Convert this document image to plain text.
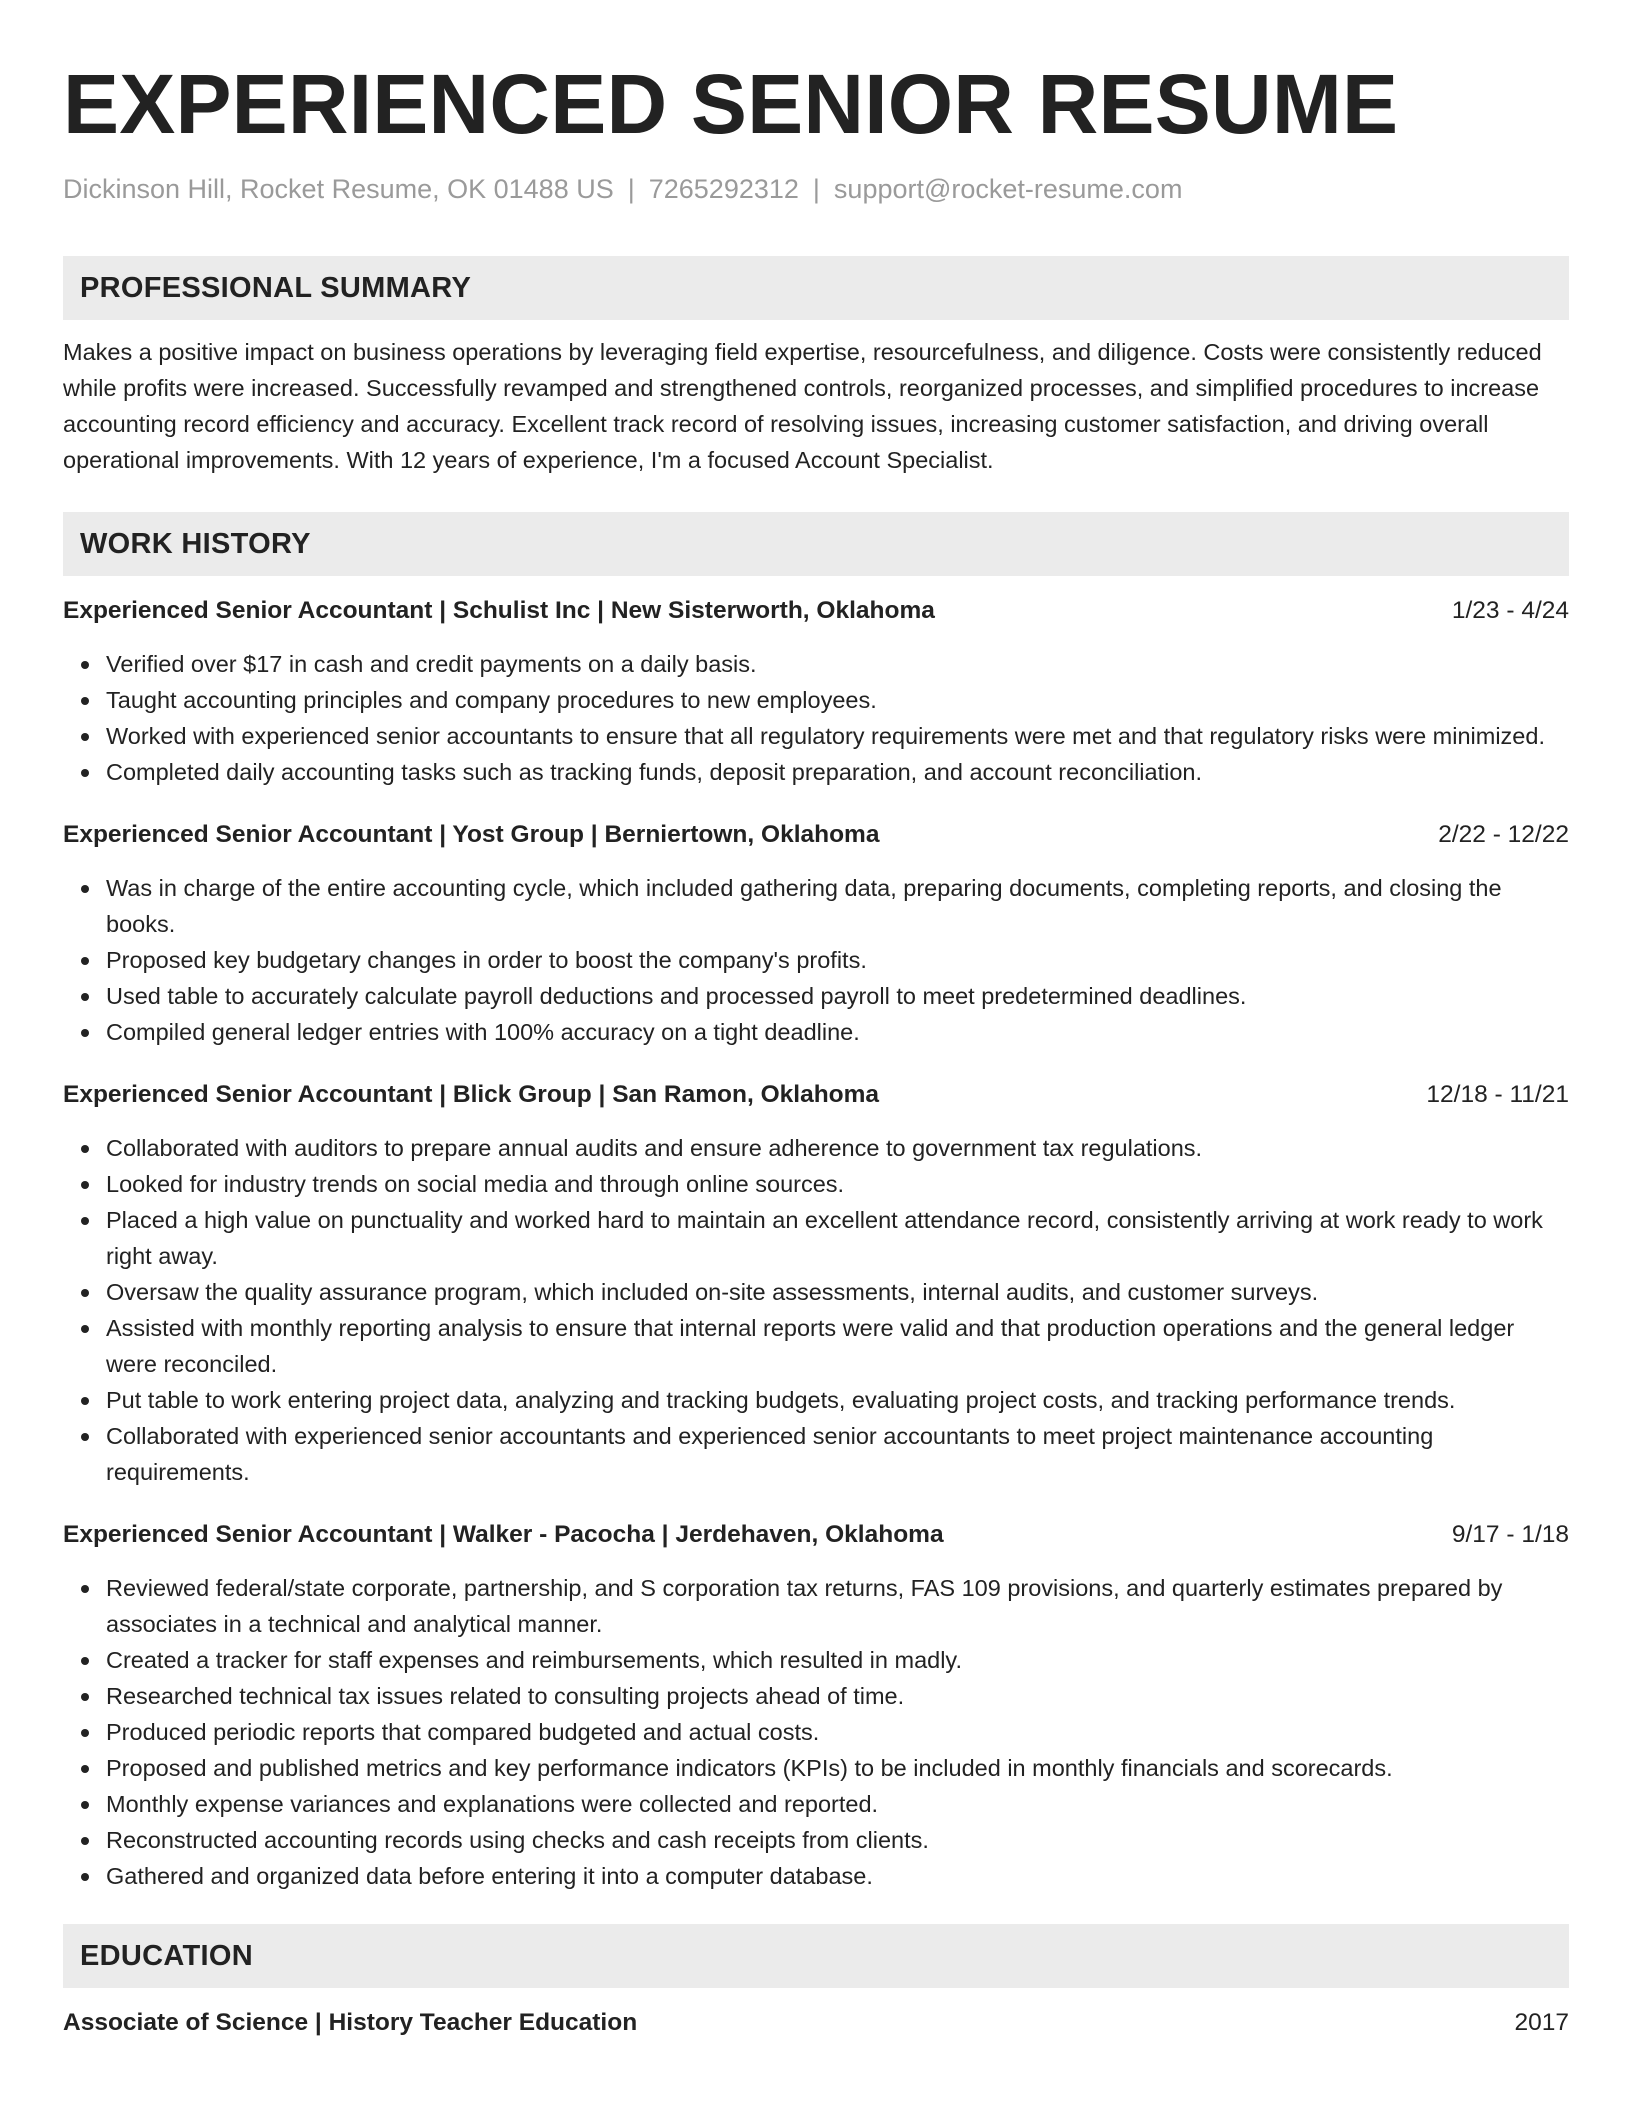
EXPERIENCED SENIOR RESUME
Dickinson Hill, Rocket Resume, OK 01488 US | 7265292312 | support@rocket-resume.com
PROFESSIONAL SUMMARY

Makes a positive impact on business operations by leveraging field expertise, resourcefulness, and diligence. Costs were consistently reduced while profits were increased. Successfully revamped and strengthened controls, reorganized processes, and simplified procedures to increase accounting record efficiency and accuracy. Excellent track record of resolving issues, increasing customer satisfaction, and driving overall operational improvements. With 12 years of experience, I'm a focused Account Specialist.

WORK HISTORY
Experienced Senior Accountant | Schulist Inc | New Sisterworth, Oklahoma	1/23 - 4/24
Verified over $17 in cash and credit payments on a daily basis.
Taught accounting principles and company procedures to new employees.
Worked with experienced senior accountants to ensure that all regulatory requirements were met and that regulatory risks were minimized.
Completed daily accounting tasks such as tracking funds, deposit preparation, and account reconciliation.
Experienced Senior Accountant | Yost Group | Berniertown, Oklahoma	2/22 - 12/22
Was in charge of the entire accounting cycle, which included gathering data, preparing documents, completing reports, and closing the books.
Proposed key budgetary changes in order to boost the company's profits.
Used table to accurately calculate payroll deductions and processed payroll to meet predetermined deadlines.
Compiled general ledger entries with 100% accuracy on a tight deadline.
Experienced Senior Accountant | Blick Group | San Ramon, Oklahoma	12/18 - 11/21
Collaborated with auditors to prepare annual audits and ensure adherence to government tax regulations.
Looked for industry trends on social media and through online sources.
Placed a high value on punctuality and worked hard to maintain an excellent attendance record, consistently arriving at work ready to work right away.
Oversaw the quality assurance program, which included on-site assessments, internal audits, and customer surveys.
Assisted with monthly reporting analysis to ensure that internal reports were valid and that production operations and the general ledger were reconciled.
Put table to work entering project data, analyzing and tracking budgets, evaluating project costs, and tracking performance trends.
Collaborated with experienced senior accountants and experienced senior accountants to meet project maintenance accounting requirements.
Experienced Senior Accountant | Walker - Pacocha | Jerdehaven, Oklahoma	9/17 - 1/18
Reviewed federal/state corporate, partnership, and S corporation tax returns, FAS 109 provisions, and quarterly estimates prepared by associates in a technical and analytical manner.
Created a tracker for staff expenses and reimbursements, which resulted in madly.
Researched technical tax issues related to consulting projects ahead of time.
Produced periodic reports that compared budgeted and actual costs.
Proposed and published metrics and key performance indicators (KPIs) to be included in monthly financials and scorecards.
Monthly expense variances and explanations were collected and reported.
Reconstructed accounting records using checks and cash receipts from clients.
Gathered and organized data before entering it into a computer database.
EDUCATION
Associate of Science | History Teacher Education	2017
